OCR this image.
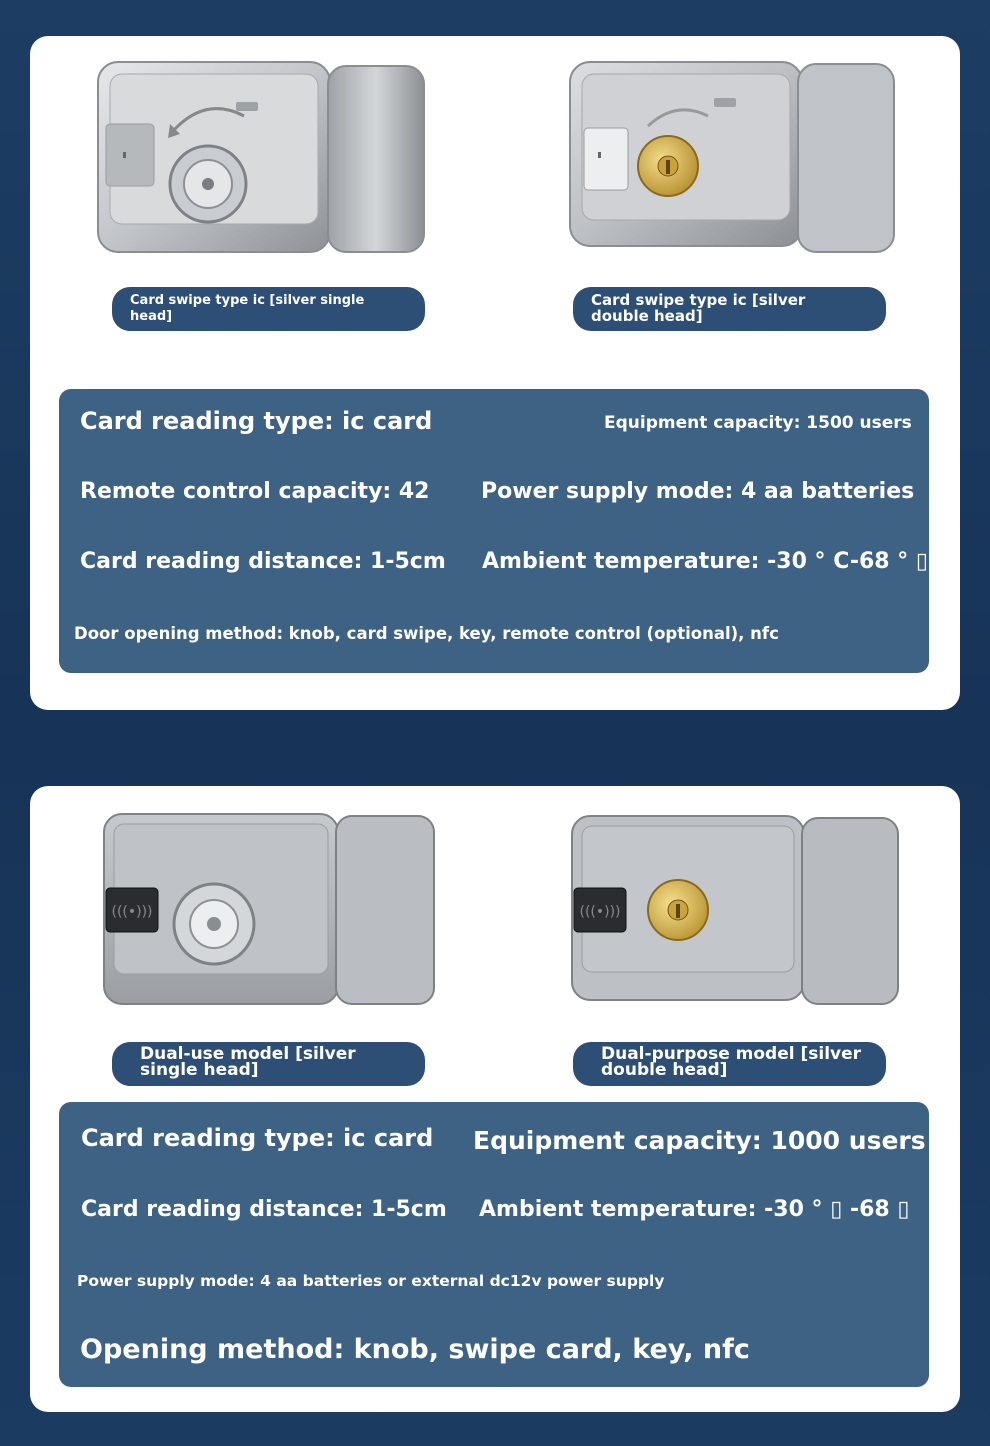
Card swipe type ic [silver single head]
Card swipe type ic [silver double head]
Card reading type: ic card	Equipment capacity: 1500 users
Remote control capacity: 42 Power supply mode: 4 aa batteries
Card reading distance: 1-5cm Ambient temperature: -30 ° C-68 ° ▯
Door opening method: knob, card swipe, key, remote control (optional), nfc
(((•)))	(((•)))
Dual-use model [silver single head]
Dual-purpose model [silver double head]
Card reading type: ic card Equipment capacity: 1000 users
Card reading distance: 1-5cm Ambient temperature: -30 ° ▯ -68 ▯
Power supply mode: 4 aa batteries or external dc12v power supply
Opening method: knob, swipe card, key, nfc
